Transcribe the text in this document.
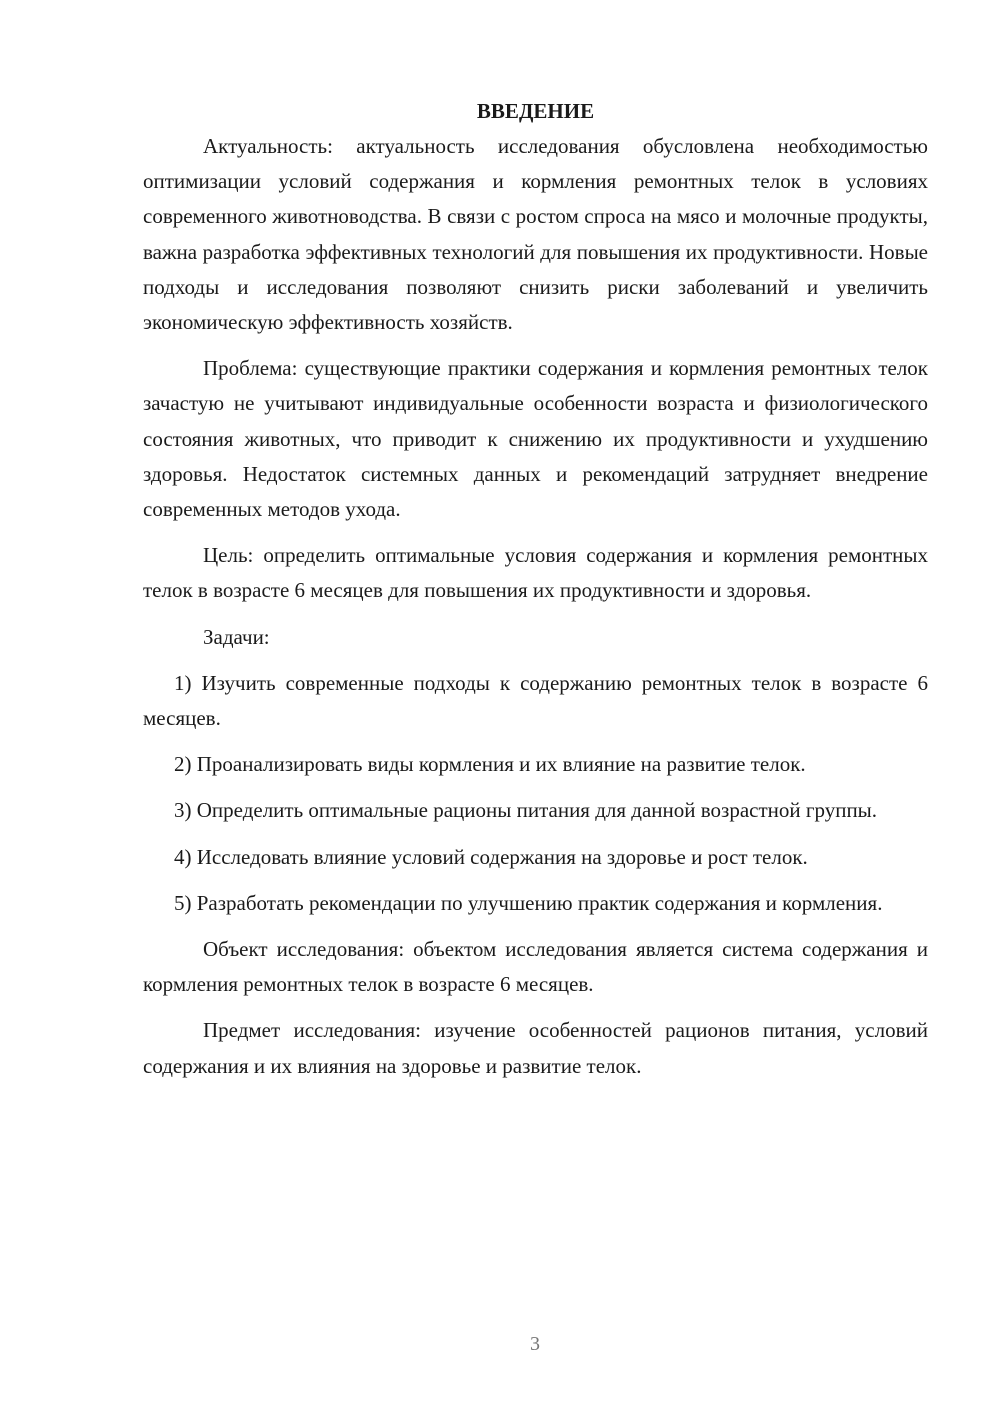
ВВЕДЕНИЕ

Актуальность: актуальность исследования обусловлена необходимостью оптимизации условий содержания и кормления ремонтных телок в условиях современного животноводства. В связи с ростом спроса на мясо и молочные продукты, важна разработка эффективных технологий для повышения их продуктивности. Новые подходы и исследования позволяют снизить риски заболеваний и увеличить экономическую эффективность хозяйств.

Проблема: существующие практики содержания и кормления ремонтных телок зачастую не учитывают индивидуальные особенности возраста и физиологического состояния животных, что приводит к снижению их продуктивности и ухудшению здоровья. Недостаток системных данных и рекомендаций затрудняет внедрение современных методов ухода.

Цель: определить оптимальные условия содержания и кормления ремонтных телок в возрасте 6 месяцев для повышения их продуктивности и здоровья.

Задачи:

1) Изучить современные подходы к содержанию ремонтных телок в возрасте 6 месяцев.

2) Проанализировать виды кормления и их влияние на развитие телок.

3) Определить оптимальные рационы питания для данной возрастной группы.

4) Исследовать влияние условий содержания на здоровье и рост телок.

5) Разработать рекомендации по улучшению практик содержания и кормления.

Объект исследования: объектом исследования является система содержания и кормления ремонтных телок в возрасте 6 месяцев.

Предмет исследования: изучение особенностей рационов питания, условий содержания и их влияния на здоровье и развитие телок.

3
